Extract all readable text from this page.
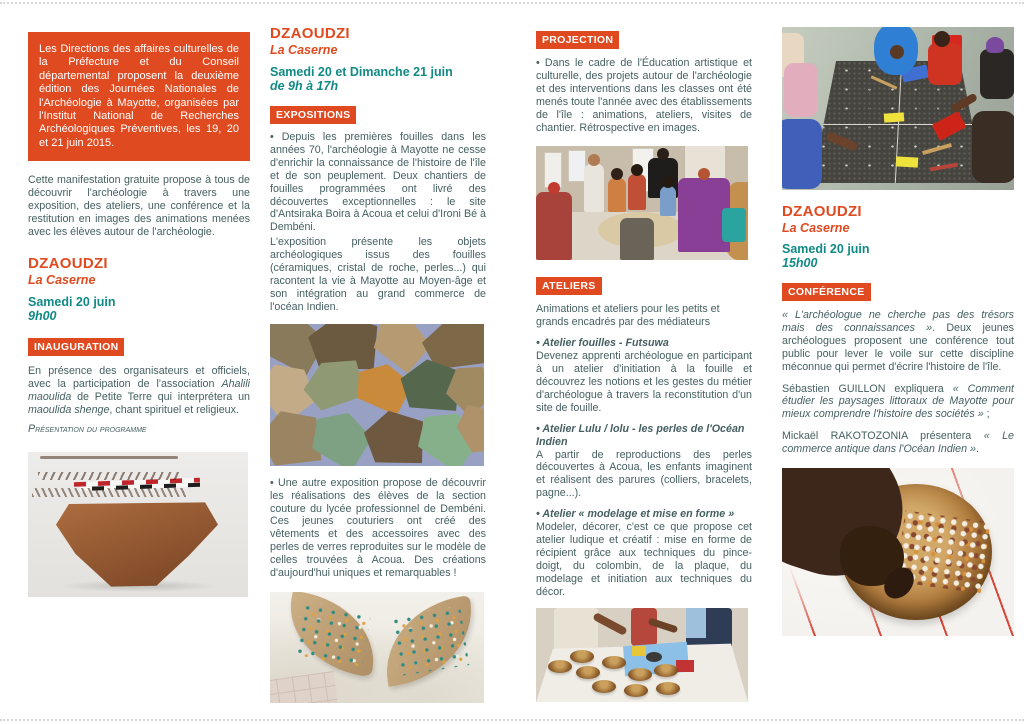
Les Directions des affaires culturelles de la Préfecture et du Conseil départemental proposent la deuxième édition des Journées Nationales de l'Archéologie à Mayotte, organisées par l'Institut National de Recherches Archéologiques Préventives, les 19, 20 et 21 juin 2015.

Cette manifestation gratuite propose à tous de découvrir l'archéologie à travers une exposition, des ateliers, une conférence et la restitution en images des animations menées avec les élèves autour de l'archéologie.

DZAOUDZI

La Caserne

Samedi 20 juin

9h00

INAUGURATION

En présence des organisateurs et officiels, avec la participation de l'association Ahalili maoulida de Petite Terre qui interprétera un maoulida shenge, chant spirituel et religieux.

Présentation du programme

DZAOUDZI

La Caserne

Samedi 20 et Dimanche 21 juin

de 9h à 17h

EXPOSITIONS

• Depuis les premières fouilles dans les années 70, l'archéologie à Mayotte ne cesse d'enrichir la connaissance de l'histoire de l'île et de son peuplement. Deux chantiers de fouilles programmées ont livré des découvertes exceptionnelles : le site d'Antsiraka Boira à Acoua et celui d'Ironi Bé à Dembéni.

L'exposition présente les objets archéologiques issus des fouilles (céramiques, cristal de roche, perles...) qui racontent la vie à Mayotte au Moyen-âge et son intégration au grand commerce de l'océan Indien.

• Une autre exposition propose de découvrir les réalisations des élèves de la section couture du lycée professionnel de Dembéni. Ces jeunes couturiers ont créé des vêtements et des accessoires avec des perles de verres reproduites sur le modèle de celles trouvées à Acoua. Des créations d'aujourd'hui uniques et remarquables !

PROJECTION

• Dans le cadre de l'Éducation artistique et culturelle, des projets autour de l'archéologie et des interventions dans les classes ont été menés toute l'année avec des établissements de l'île : animations, ateliers, visites de chantier. Rétrospective en images.

ATELIERS

Animations et ateliers pour les petits et grands encadrés par des médiateurs

• Atelier fouilles - Futsuwa

Devenez apprenti archéologue en participant à un atelier d'initiation à la fouille et découvrez les notions et les gestes du métier d'archéologue à travers la reconstitution d'un site de fouille.

• Atelier Lulu / lolu - les perles de l'Océan Indien

A partir de reproductions des perles découvertes à Acoua, les enfants imaginent et réalisent des parures (colliers, bracelets, pagne...).

• Atelier « modelage et mise en forme »

Modeler, décorer, c'est ce que propose cet atelier ludique et créatif : mise en forme de récipient grâce aux techniques du pince-doigt, du colombin, de la plaque, du modelage et initiation aux techniques du décor.

DZAOUDZI

La Caserne

Samedi 20 juin

15h00

CONFÉRENCE

« L'archéologue ne cherche pas des trésors mais des connaissances ». Deux jeunes archéologues proposent une conférence tout public pour lever le voile sur cette discipline méconnue qui permet d'écrire l'histoire de l'île.

Sébastien GUILLON expliquera « Comment étudier les paysages littoraux de Mayotte pour mieux comprendre l'histoire des sociétés » ;

Mickaël RAKOTOZONIA présentera « Le commerce antique dans l'Océan Indien ».
